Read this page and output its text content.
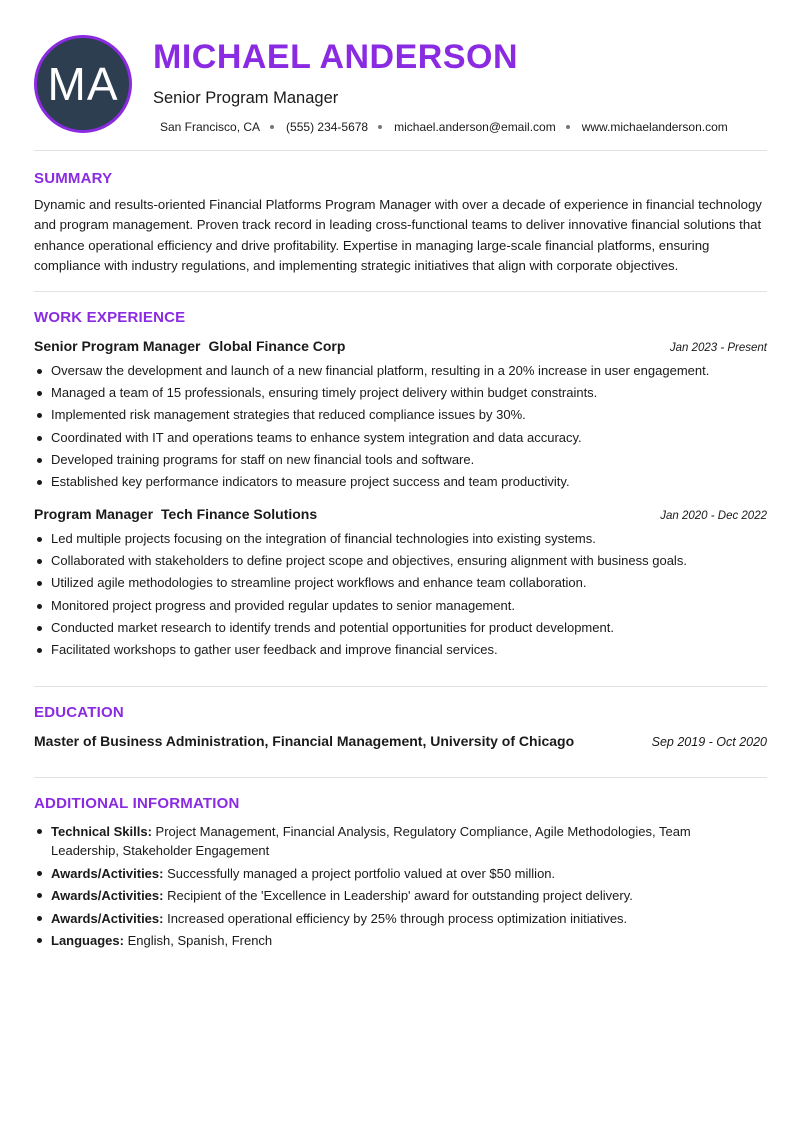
MA
MICHAEL ANDERSON
Senior Program Manager
San Francisco, CA (555) 234-5678 michael.anderson@email.com www.michaelanderson.com
SUMMARY
Dynamic and results-oriented Financial Platforms Program Manager with over a decade of experience in financial technology and program management. Proven track record in leading cross-functional teams to deliver innovative financial solutions that enhance operational efficiency and drive profitability. Expertise in managing large-scale financial platforms, ensuring compliance with industry regulations, and implementing strategic initiatives that align with corporate objectives.
WORK EXPERIENCE
Senior Program Manager Global Finance Corp	Jan 2023 - Present
Oversaw the development and launch of a new financial platform, resulting in a 20% increase in user engagement.
Managed a team of 15 professionals, ensuring timely project delivery within budget constraints.
Implemented risk management strategies that reduced compliance issues by 30%.
Coordinated with IT and operations teams to enhance system integration and data accuracy.
Developed training programs for staff on new financial tools and software.
Established key performance indicators to measure project success and team productivity.
Program Manager Tech Finance Solutions	Jan 2020 - Dec 2022
Led multiple projects focusing on the integration of financial technologies into existing systems.
Collaborated with stakeholders to define project scope and objectives, ensuring alignment with business goals.
Utilized agile methodologies to streamline project workflows and enhance team collaboration.
Monitored project progress and provided regular updates to senior management.
Conducted market research to identify trends and potential opportunities for product development.
Facilitated workshops to gather user feedback and improve financial services.
EDUCATION
Master of Business Administration, Financial Management, University of Chicago	Sep 2019 - Oct 2020
ADDITIONAL INFORMATION
Technical Skills: Project Management, Financial Analysis, Regulatory Compliance, Agile Methodologies, Team Leadership, Stakeholder Engagement
Awards/Activities: Successfully managed a project portfolio valued at over $50 million.
Awards/Activities: Recipient of the 'Excellence in Leadership' award for outstanding project delivery.
Awards/Activities: Increased operational efficiency by 25% through process optimization initiatives.
Languages: English , Spanish , French
